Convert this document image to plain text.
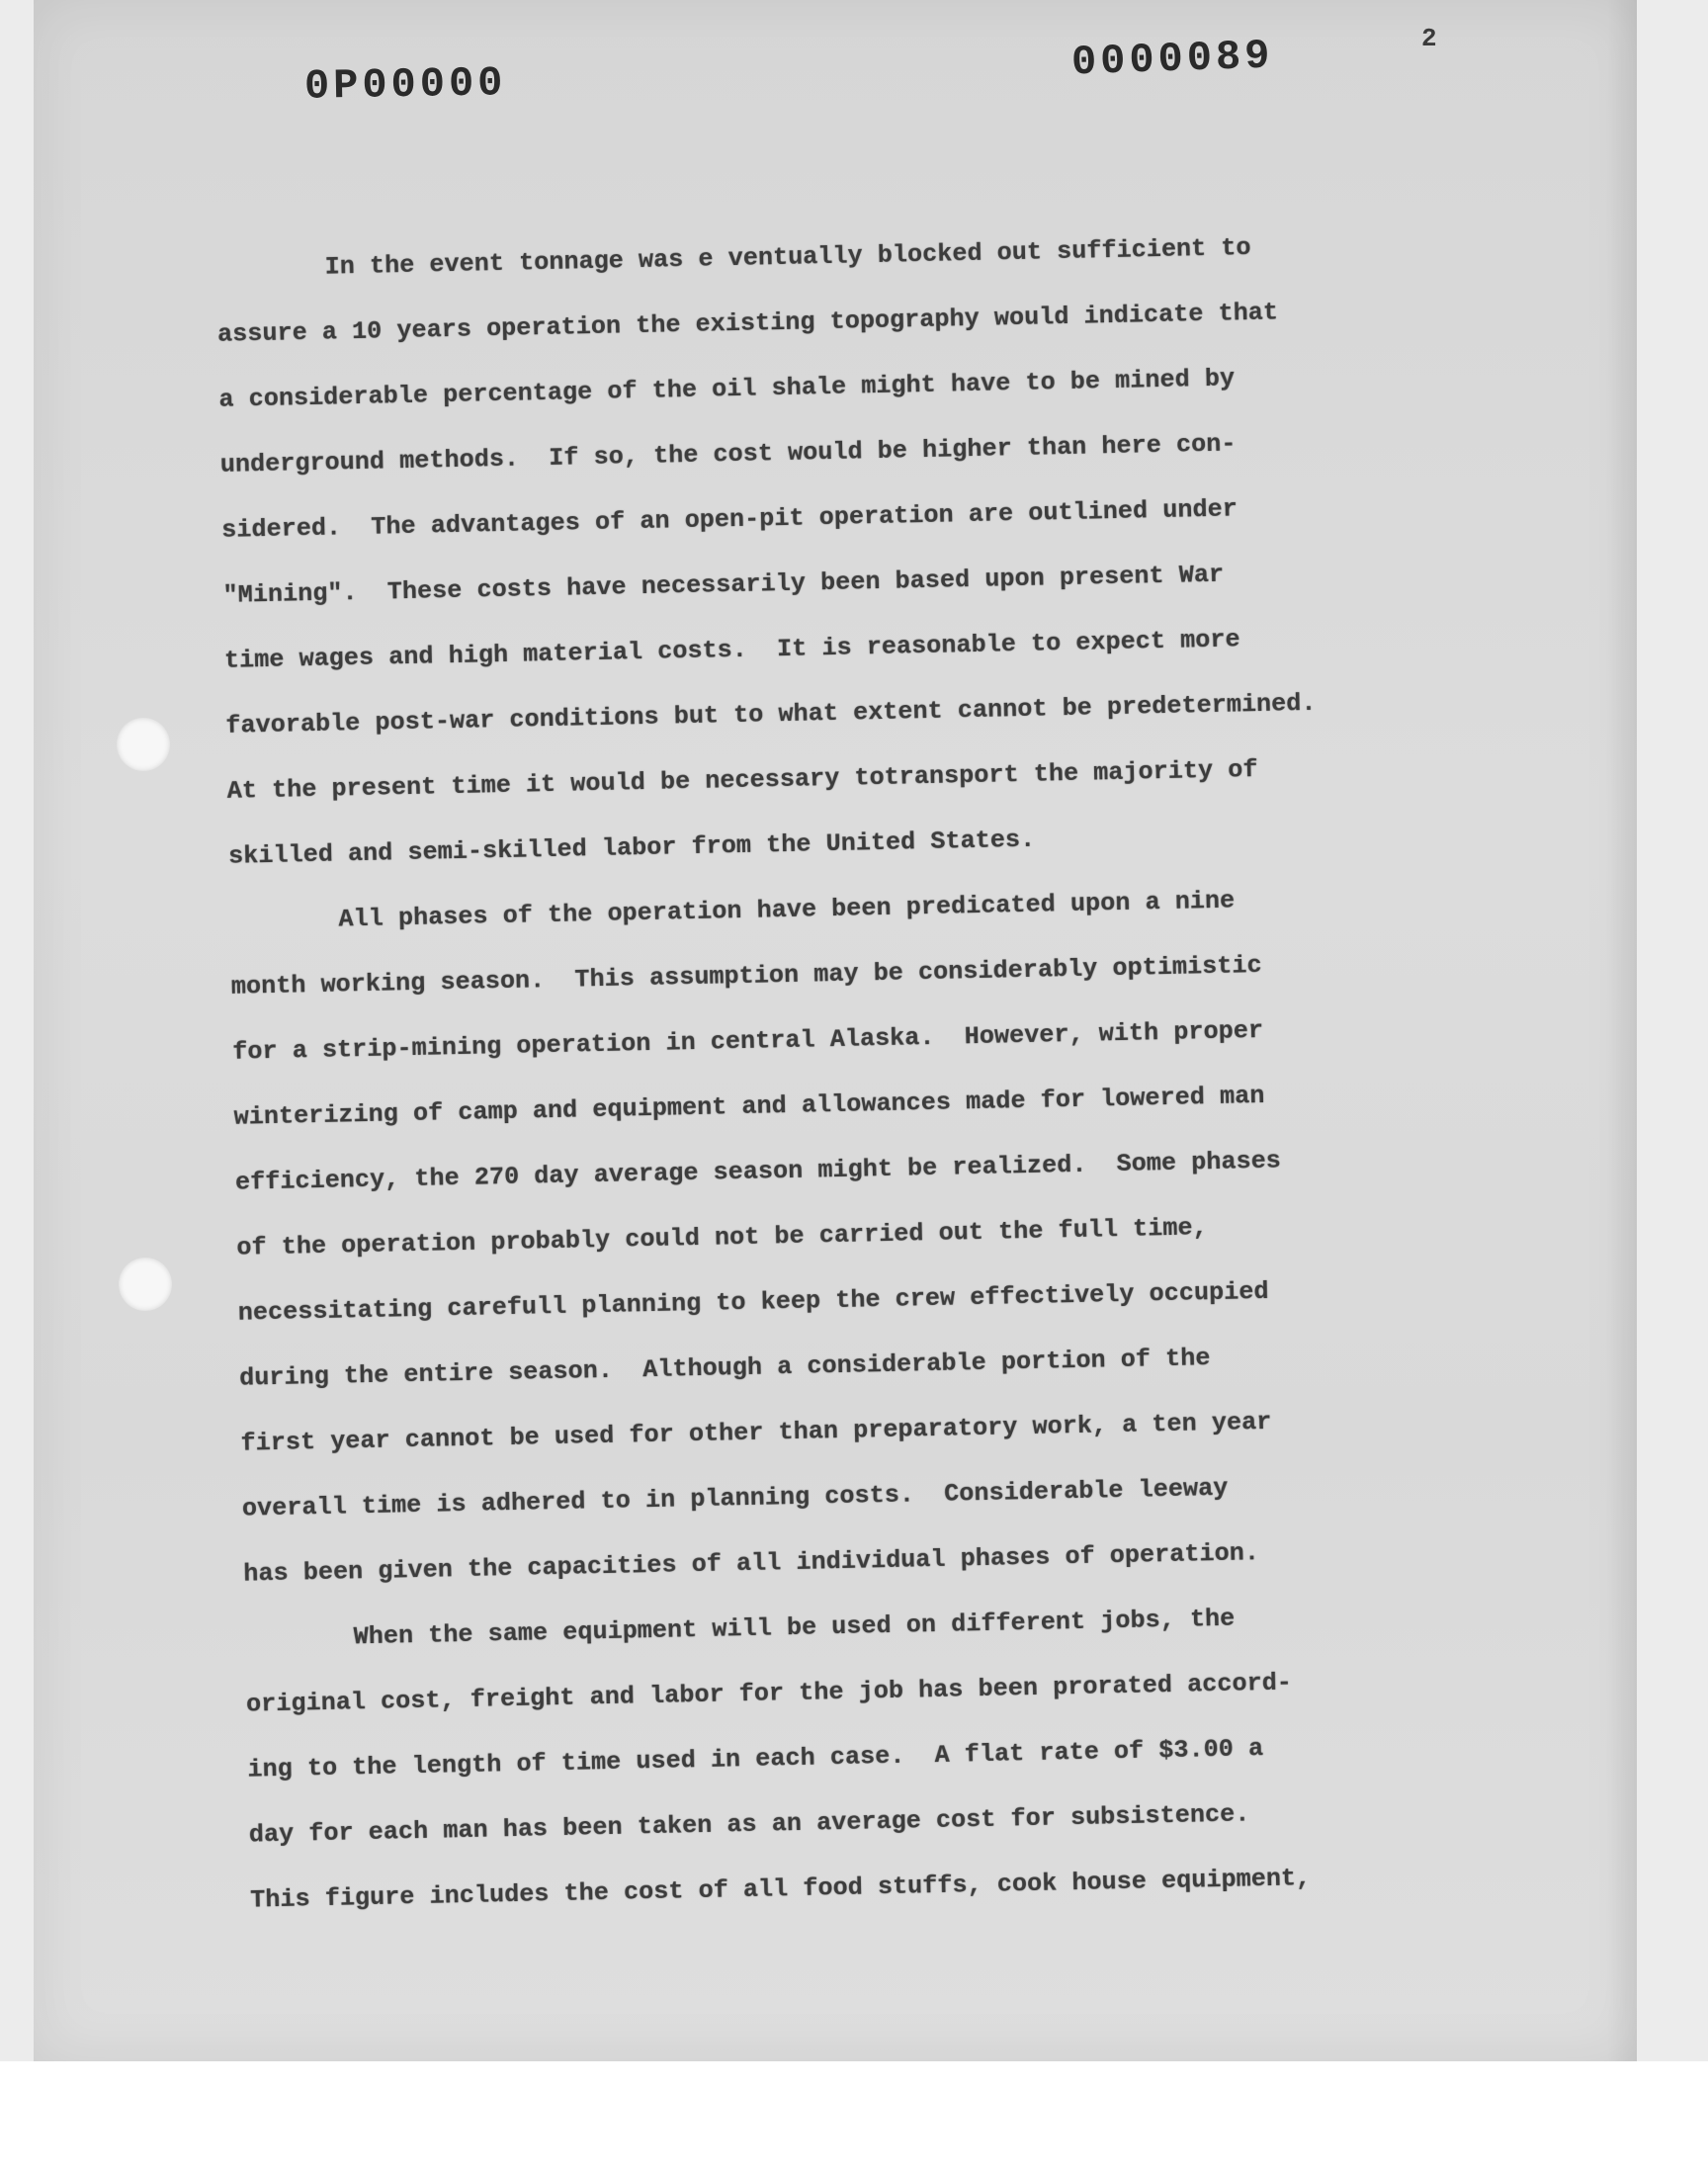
0P00000	0000089	2
In the event tonnage was e ventually blocked out sufficient to
assure a 10 years operation the existing topography would indicate that
a considerable percentage of the oil shale might have to be mined by
underground methods.  If so, the cost would be higher than here con-
sidered.  The advantages of an open-pit operation are outlined under
"Mining".  These costs have necessarily been based upon present War
time wages and high material costs.  It is reasonable to expect more
favorable post-war conditions but to what extent cannot be predetermined.
At the present time it would be necessary totransport the majority of
skilled and semi-skilled labor from the United States.
All phases of the operation have been predicated upon a nine
month working season.  This assumption may be considerably optimistic
for a strip-mining operation in central Alaska.  However, with proper
winterizing of camp and equipment and allowances made for lowered man
efficiency, the 270 day average season might be realized.  Some phases
of the operation probably could not be carried out the full time,
necessitating carefull planning to keep the crew effectively occupied
during the entire season.  Although a considerable portion of the
first year cannot be used for other than preparatory work, a ten year
overall time is adhered to in planning costs.  Considerable leeway
has been given the capacities of all individual phases of operation.
When the same equipment will be used on different jobs, the
original cost, freight and labor for the job has been prorated accord-
ing to the length of time used in each case.  A flat rate of $3.00 a
day for each man has been taken as an average cost for subsistence.
This figure includes the cost of all food stuffs, cook house equipment,
